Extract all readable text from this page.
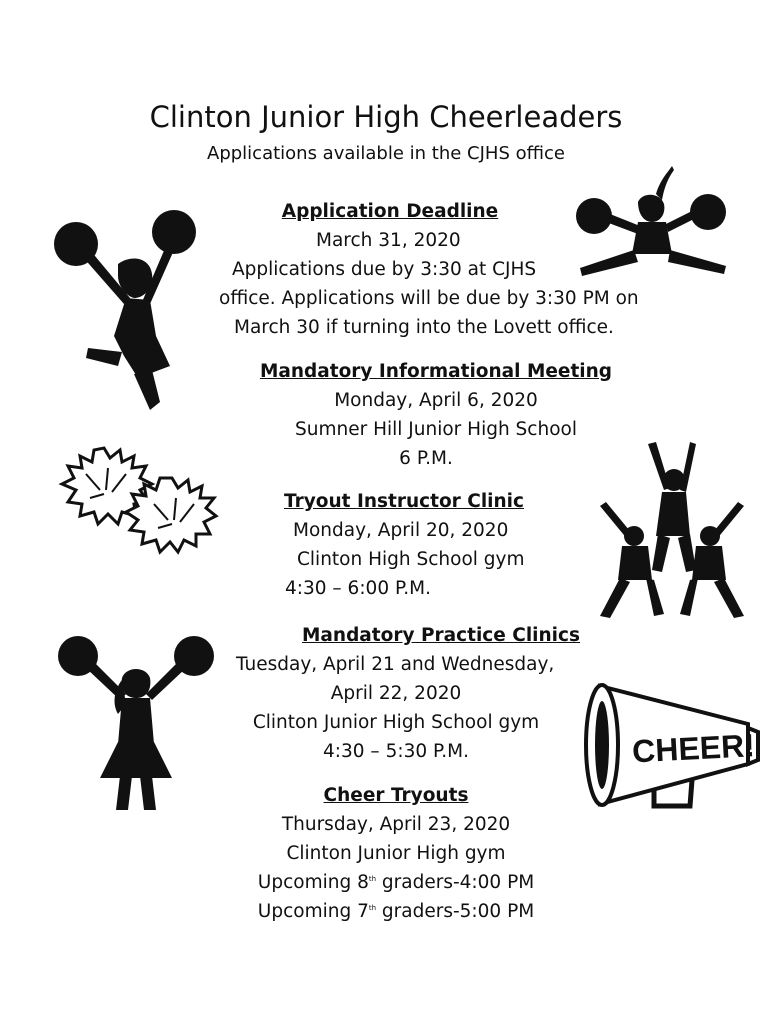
Clinton Junior High Cheerleaders
Applications available in the CJHS office
Application Deadline
March 31, 2020
Applications due by 3:30 at CJHS
office. Applications will be due by 3:30 PM on
March 30 if turning into the Lovett office.
Mandatory Informational Meeting
Monday, April 6, 2020
Sumner Hill Junior High School
6 P.M.
Tryout Instructor Clinic
Monday, April 20, 2020
Clinton High School gym
4:30 – 6:00 P.M.
Mandatory Practice Clinics
Tuesday, April 21 and Wednesday,
April 22, 2020
Clinton Junior High School gym
4:30 – 5:30 P.M.
Cheer Tryouts
Thursday, April 23, 2020
Clinton Junior High gym
Upcoming 8th graders-4:00 PM
Upcoming 7th graders-5:00 PM
CHEER!
